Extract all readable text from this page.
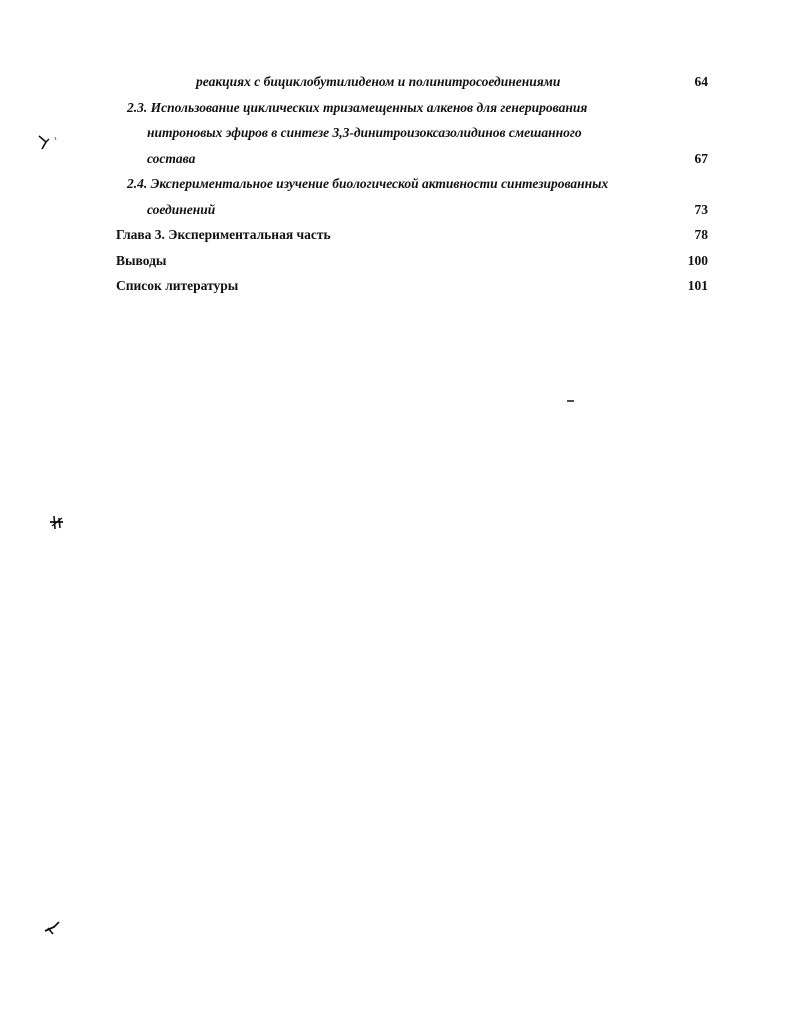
реакциях с бициклобутилиденом и полинитросоединениями	64
2.3. Использование циклических тризамещенных алкенов для генерирования
нитроновых эфиров в синтезе 3,3-динитроизоксазолидинов смешанного
состава	67
2.4. Экспериментальное изучение биологической активности синтезированных
соединений	73
Глава 3. Экспериментальная часть	78
Выводы	100
Список литературы	101
